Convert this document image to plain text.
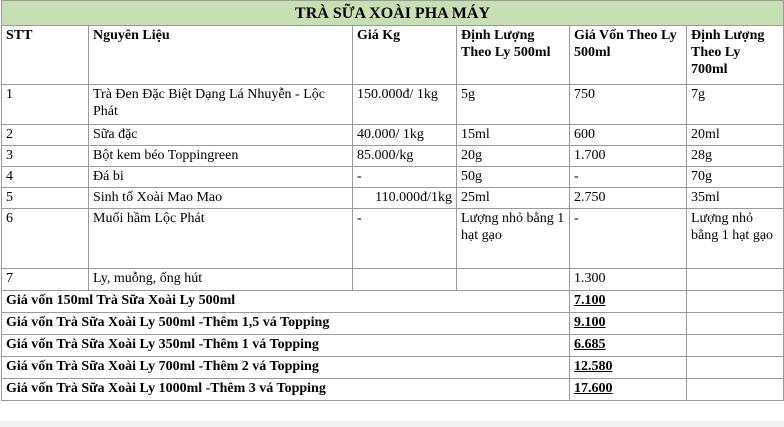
TRÀ SỮA XOÀI PHA MÁY					
STT	Nguyên Liệu	Giá Kg	Định Lượng Theo Ly 500ml	Giá Vốn Theo Ly 500ml	Định Lượng Theo Ly 700ml
1	Trà Đen Đặc Biệt Dạng Lá Nhuyễn - Lộc Phát	150.000đ/ 1kg	5g	750	7g
2	Sữa đặc	40.000/ 1kg	15ml	600	20ml
3	Bột kem béo Toppingreen	85.000/kg	20g	1.700	28g
4	Đá bi	-	50g	-	70g
5	Sinh tố Xoài Mao Mao	110.000đ/1kg	25ml	2.750	35ml
6	Muối hầm Lộc Phát	-	Lượng nhỏ bằng 1 hạt gạo	-	Lượng nhỏ bằng 1 hạt gạo
7	Ly, muỗng, ống hút			1.300	
Giá vốn 150ml Trà Sữa Xoài Ly 500ml				7.100	
Giá vốn Trà Sữa Xoài Ly 500ml -Thêm 1,5 vá Topping				9.100	
Giá vốn Trà Sữa Xoài Ly 350ml -Thêm 1 vá Topping				6.685	
Giá vốn Trà Sữa Xoài Ly 700ml -Thêm 2 vá Topping				12.580	
Giá vốn Trà Sữa Xoài Ly 1000ml -Thêm 3 vá Topping				17.600	
